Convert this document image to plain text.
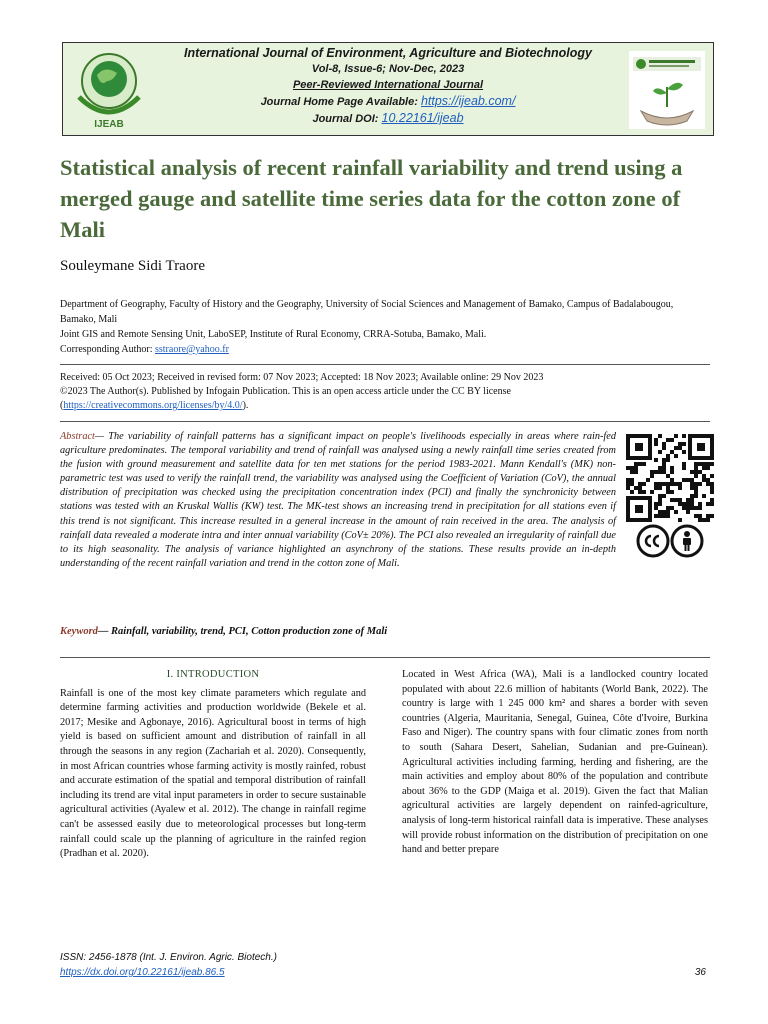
IJEAB
International Journal of Environment, Agriculture and Biotechnology
Vol-8, Issue-6; Nov-Dec, 2023
Peer-Reviewed International Journal
Journal Home Page Available: https://ijeab.com/
Journal DOI: 10.22161/ijeab
Statistical analysis of recent rainfall variability and trend using a merged gauge and satellite time series data for the cotton zone of Mali
Souleymane Sidi Traore
Department of Geography, Faculty of History and the Geography, University of Social Sciences and Management of Bamako, Campus of Badalabougou, Bamako, Mali
Joint GIS and Remote Sensing Unit, LaboSEP, Institute of Rural Economy, CRRA-Sotuba, Bamako, Mali.
Corresponding Author: sstraore@yahoo.fr
Received: 05 Oct 2023; Received in revised form: 07 Nov 2023; Accepted: 18 Nov 2023; Available online: 29 Nov 2023
©2023 The Author(s). Published by Infogain Publication. This is an open access article under the CC BY license
(https://creativecommons.org/licenses/by/4.0/).
Abstract— The variability of rainfall patterns has a significant impact on people's livelihoods especially in areas where rain-fed agriculture predominates. The temporal variability and trend of rainfall was analysed using a newly rainfall time series created from the fusion with ground measurement and satellite data for ten met stations for the period 1983-2021. Mann Kendall's (MK) non-parametric test was used to verify the rainfall trend, the variability was analysed using the Coefficient of Variation (CoV), the annual distribution of precipitation was checked using the precipitation concentration index (PCI) and finally the synchronicity between stations was tested with an Kruskal Wallis (KW) test. The MK-test shows an increasing trend in precipitation for all stations even if this trend is not significant. This increase resulted in a general increase in the amount of rain received in the area. The analysis of rainfall data revealed a moderate intra and inter annual variability (CoV± 20%). The PCI also revealed an irregularity of rainfall due to its high seasonality. The analysis of variance highlighted an asynchrony of the stations. These results provide an in-depth understanding of the recent rainfall variation and trend in the cotton zone of Mali.
Keyword— Rainfall, variability, trend, PCI, Cotton production zone of Mali
I. INTRODUCTION
Rainfall is one of the most key climate parameters which regulate and determine farming activities and production worldwide (Bekele et al. 2017; Mesike and Agbonaye, 2016). Agricultural boost in terms of high yield is based on sufficient amount and distribution of rainfall in all through the seasons in any region (Zachariah et al. 2020). Consequently, in most African countries whose farming activity is mostly rainfed, robust and accurate estimation of the spatial and temporal distribution of rainfall including its trend are vital input parameters in order to secure sustainable agricultural activities (Ayalew et al. 2012). The change in rainfall regime can't be assessed easily due to meteorological processes but long-term rainfall could scale up the planning of agriculture in the rainfed region (Pradhan et al. 2020).
Located in West Africa (WA), Mali is a landlocked country located populated with about 22.6 million of habitants (World Bank, 2022). The country is large with 1 245 000 km² and shares a border with seven countries (Algeria, Mauritania, Senegal, Guinea, Côte d'Ivoire, Burkina Faso and Niger). The country spans with four climatic zones from north to south (Sahara Desert, Sahelian, Sudanian and pre-Guinean). Agricultural activities including farming, herding and fishering, are the main activities and employ about 80% of the population and contribute about 36% to the GDP (Maiga et al. 2019). Given the fact that Malian agricultural activities are largely dependent on rainfed-agriculture, analysis of long-term historical rainfall data is imperative. These analyses will provide robust information on the distribution of precipitation on one hand and better prepare
ISSN: 2456-1878 (Int. J. Environ. Agric. Biotech.)
https://dx.doi.org/10.22161/ijeab.86.5	36
